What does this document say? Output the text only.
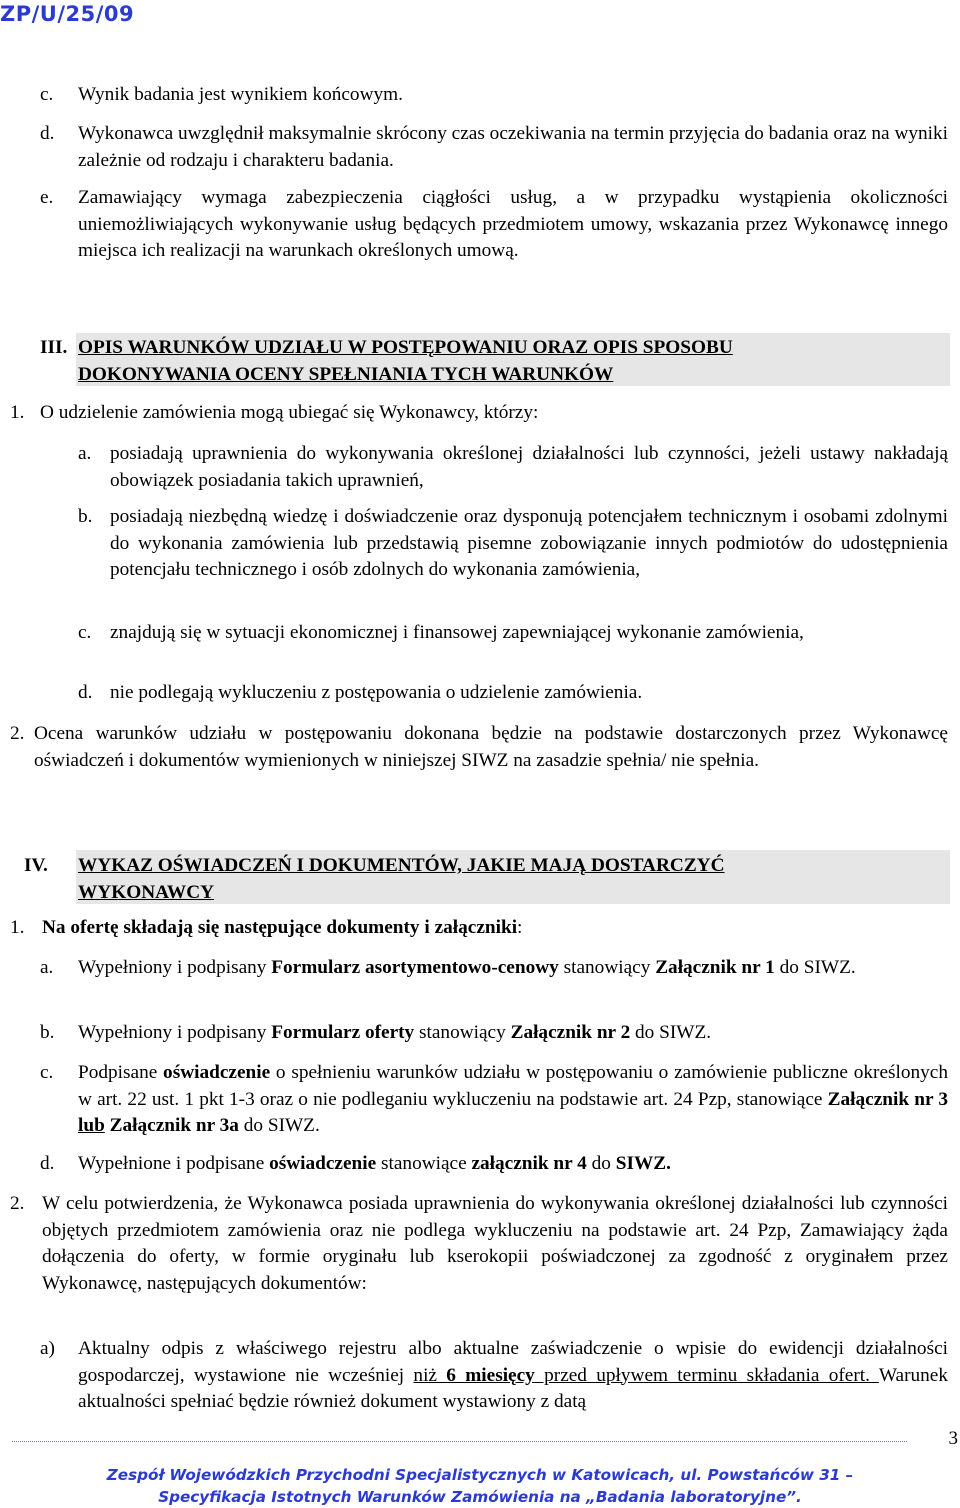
ZP/U/25/09
c. Wynik badania jest wynikiem końcowym.

d. Wykonawca uwzględnił maksymalnie skrócony czas oczekiwania na termin przyjęcia do badania oraz na wyniki zależnie od rodzaju i charakteru badania.

e. Zamawiający wymaga zabezpieczenia ciągłości usług, a w przypadku wystąpienia okoliczności uniemożliwiających wykonywanie usług będących przedmiotem umowy, wskazania przez Wykonawcę innego miejsca ich realizacji na warunkach określonych umową.

III. OPIS WARUNKÓW UDZIAŁU W POSTĘPOWANIU ORAZ OPIS SPOSOBU
DOKONYWANIA OCENY SPEŁNIANIA TYCH WARUNKÓW
1. O udzielenie zamówienia mogą ubiegać się Wykonawcy, którzy:

a. posiadają uprawnienia do wykonywania określonej działalności lub czynności, jeżeli ustawy nakładają obowiązek posiadania takich uprawnień,

b. posiadają niezbędną wiedzę i doświadczenie oraz dysponują potencjałem technicznym i osobami zdolnymi do wykonania zamówienia lub przedstawią pisemne zobowiązanie innych podmiotów do udostępnienia potencjału technicznego i osób zdolnych do wykonania zamówienia,

c. znajdują się w sytuacji ekonomicznej i finansowej zapewniającej wykonanie zamówienia,

d. nie podlegają wykluczeniu z postępowania o udzielenie zamówienia.

2. Ocena warunków udziału w postępowaniu dokonana będzie na podstawie dostarczonych przez Wykonawcę oświadczeń i dokumentów wymienionych w niniejszej SIWZ na zasadzie spełnia/ nie spełnia.

IV. WYKAZ OŚWIADCZEŃ I DOKUMENTÓW, JAKIE MAJĄ DOSTARCZYĆ
WYKONAWCY
1. Na ofertę składają się następujące dokumenty i załączniki:

a. Wypełniony i podpisany Formularz asortymentowo-cenowy stanowiący Załącznik nr 1 do SIWZ.

b. Wypełniony i podpisany Formularz oferty stanowiący Załącznik nr 2 do SIWZ.

c. Podpisane oświadczenie o spełnieniu warunków udziału w postępowaniu o zamówienie publiczne określonych w art. 22 ust. 1 pkt 1-3 oraz o nie podleganiu wykluczeniu na podstawie art. 24 Pzp, stanowiące Załącznik nr 3 lub Załącznik nr 3a do SIWZ.

d. Wypełnione i podpisane oświadczenie stanowiące załącznik nr 4 do SIWZ.

2. W celu potwierdzenia, że Wykonawca posiada uprawnienia do wykonywania określonej działalności lub czynności objętych przedmiotem zamówienia oraz nie podlega wykluczeniu na podstawie art. 24 Pzp, Zamawiający żąda dołączenia do oferty, w formie oryginału lub kserokopii poświadczonej za zgodność z oryginałem przez Wykonawcę, następujących dokumentów:

a) Aktualny odpis z właściwego rejestru albo aktualne zaświadczenie o wpisie do ewidencji działalności gospodarczej, wystawione nie wcześniej niż 6 miesięcy przed upływem terminu składania ofert. Warunek aktualności spełniać będzie również dokument wystawiony z datą

3
Zespół Wojewódzkich Przychodni Specjalistycznych w Katowicach, ul. Powstańców 31 –
Specyfikacja Istotnych Warunków Zamówienia na „Badania laboratoryjne”.
